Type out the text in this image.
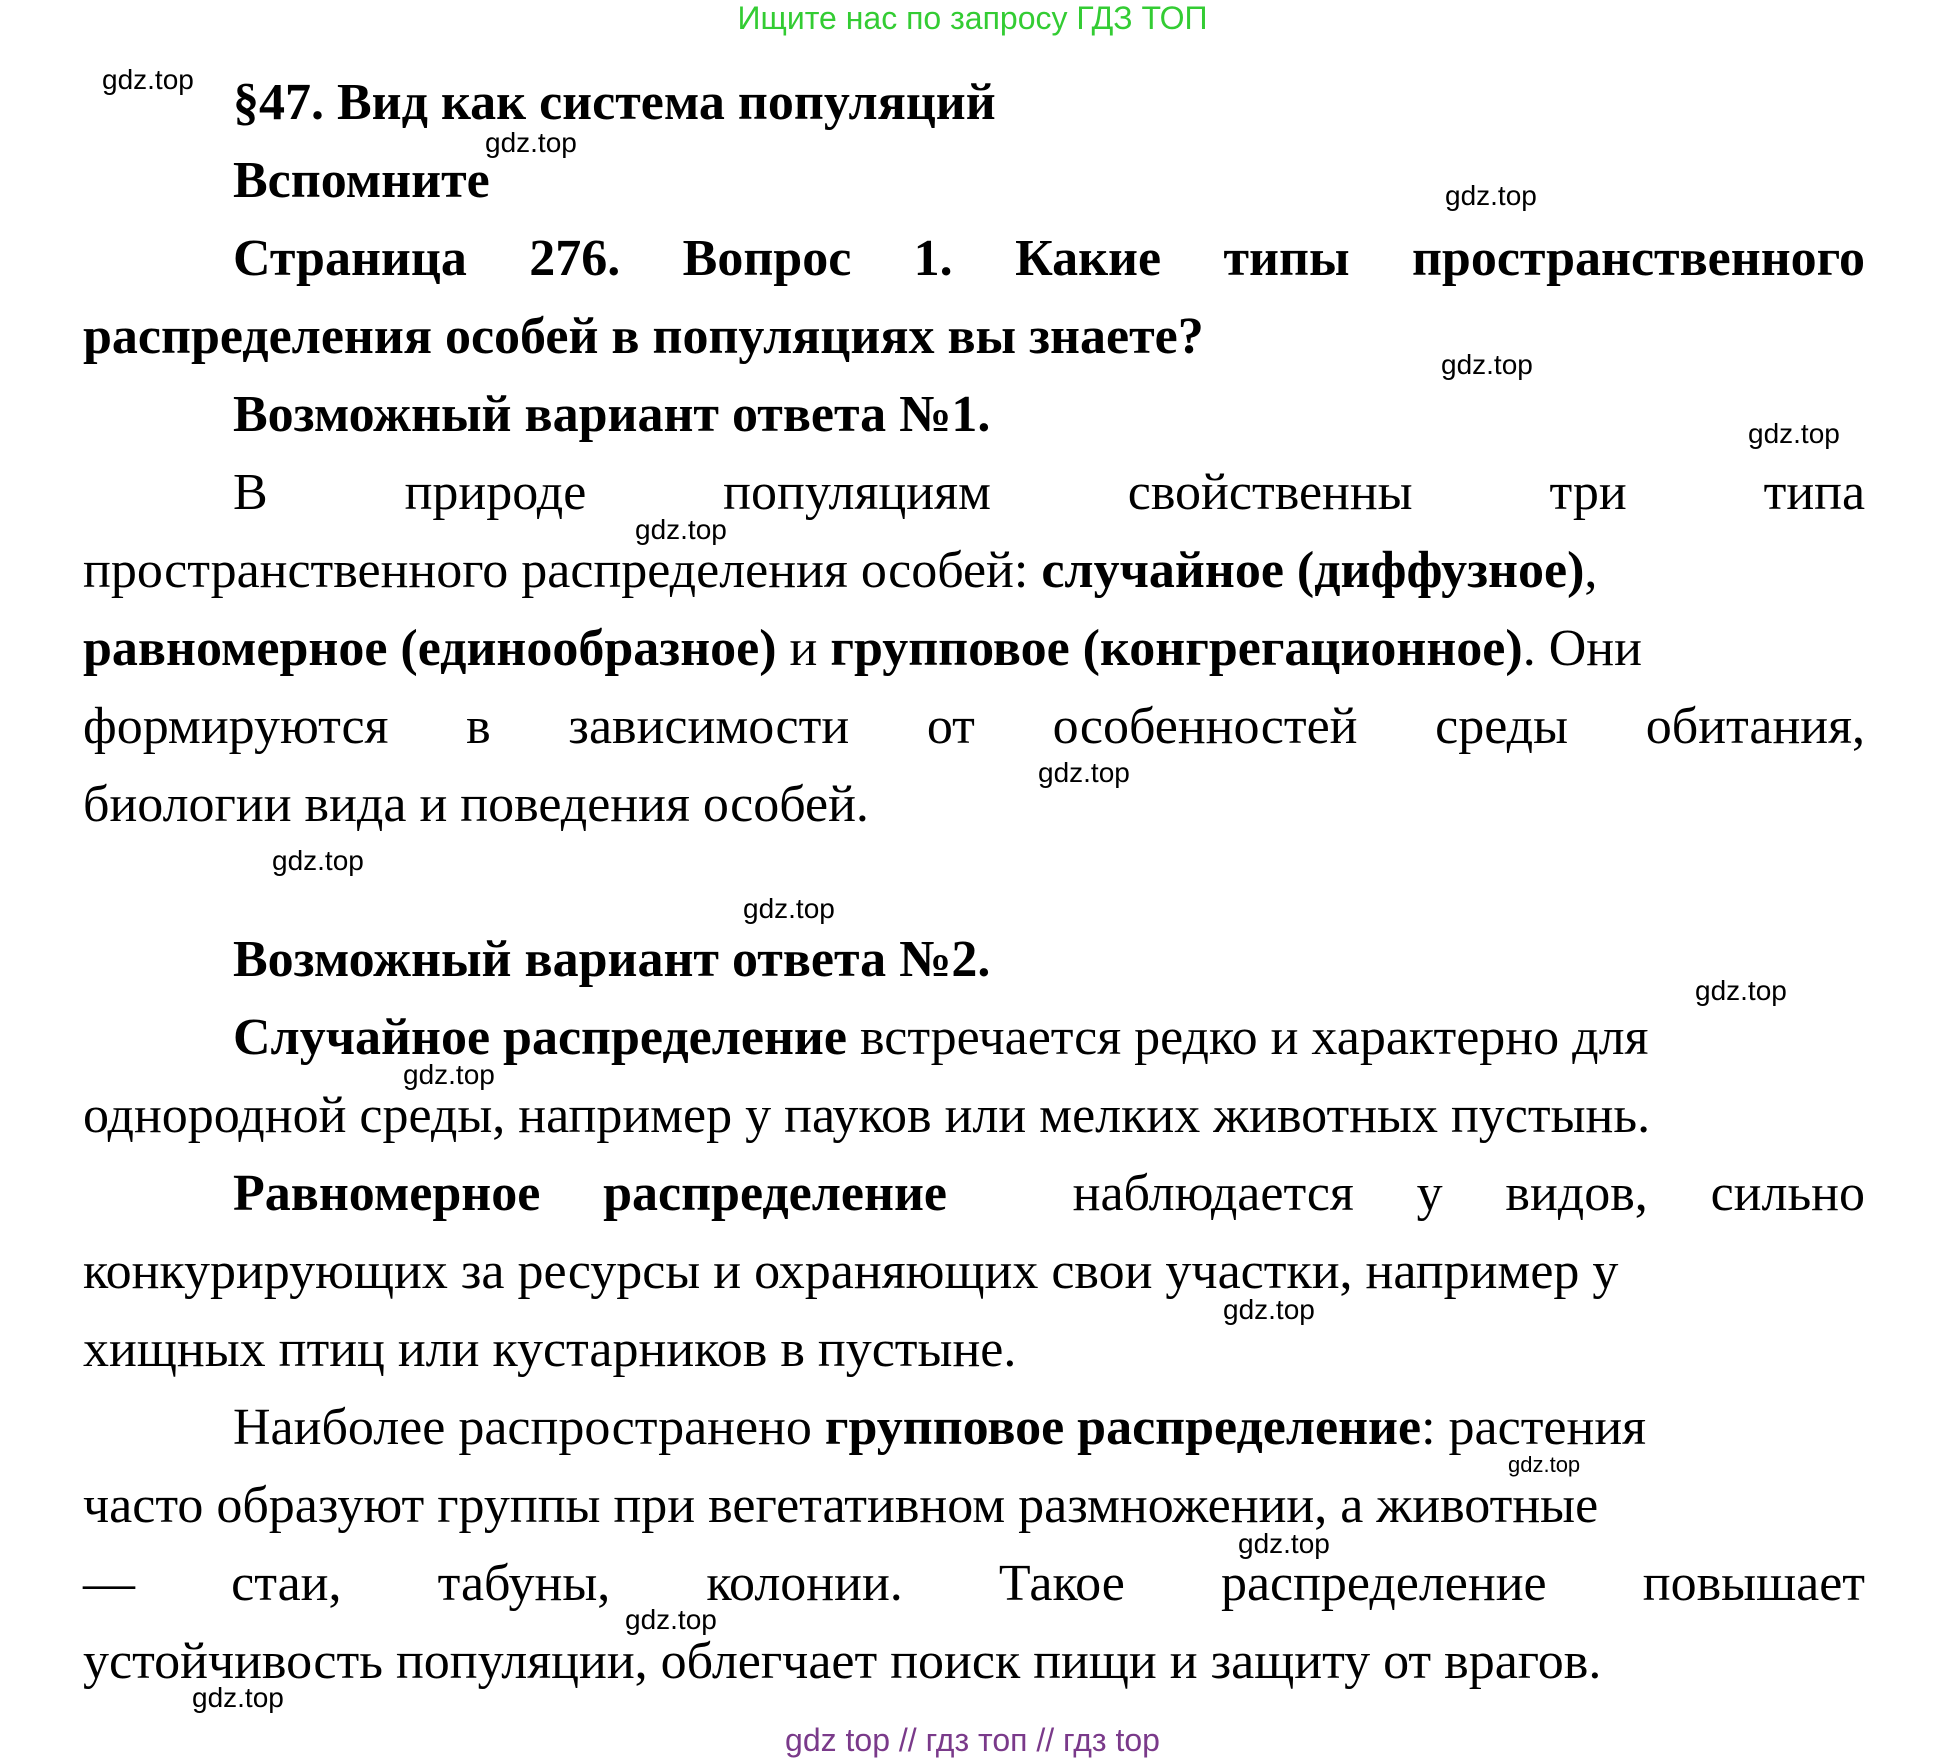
Ищите нас по запросу ГДЗ ТОП
gdz.top
gdz.top
gdz.top
gdz.top
gdz.top
gdz.top
gdz.top
gdz.top
gdz.top
gdz.top
gdz.top
gdz.top
gdz.top
gdz.top
gdz.top
gdz.top
§47. Вид как система популяций
Вспомните
Страница 276. Вопрос 1. Какие типы пространственного
распределения особей в популяциях вы знаете?
Возможный вариант ответа №1.
В	природе	популяциям	свойственны	три	типа
пространственного распределения особей: случайное (диффузное),
равномерное (единообразное) и групповое (конгрегационное). Они
формируются в зависимости от особенностей среды обитания,
биологии вида и поведения особей.
Возможный вариант ответа №2.
Случайное распределение встречается редко и характерно для
однородной среды, например у пауков или мелких животных пустынь.
Равномерное распределение  наблюдается у видов, сильно
конкурирующих за ресурсы и охраняющих свои участки, например у
хищных птиц или кустарников в пустыне.
Наиболее распространено групповое распределение: растения
часто образуют группы при вегетативном размножении, а животные
— стаи, табуны, колонии. Такое распределение повышает
устойчивость популяции, облегчает поиск пищи и защиту от врагов.
gdz top // гдз топ // гдз top
